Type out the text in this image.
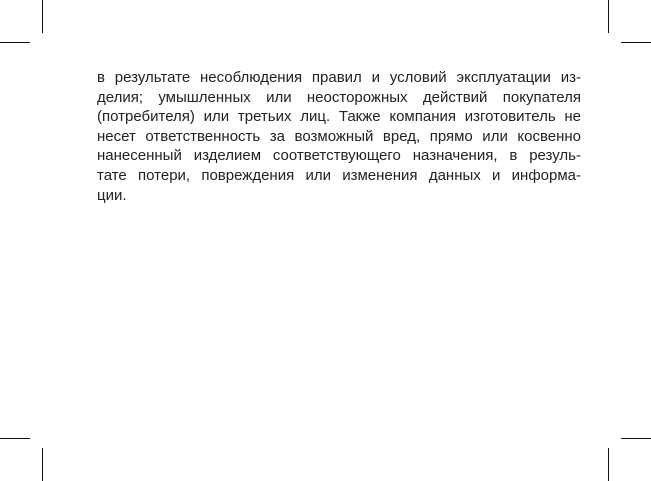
в результате несоблюдения правил и условий эксплуатации из-
делия; умышленных или неосторожных действий покупателя
(потребителя) или третьих лиц. Также компания изготовитель не
несет ответственность за возможный вред, прямо или косвенно
нанесенный изделием соответствующего назначения, в резуль-
тате потери, повреждения или изменения данных и информа-
ции.
